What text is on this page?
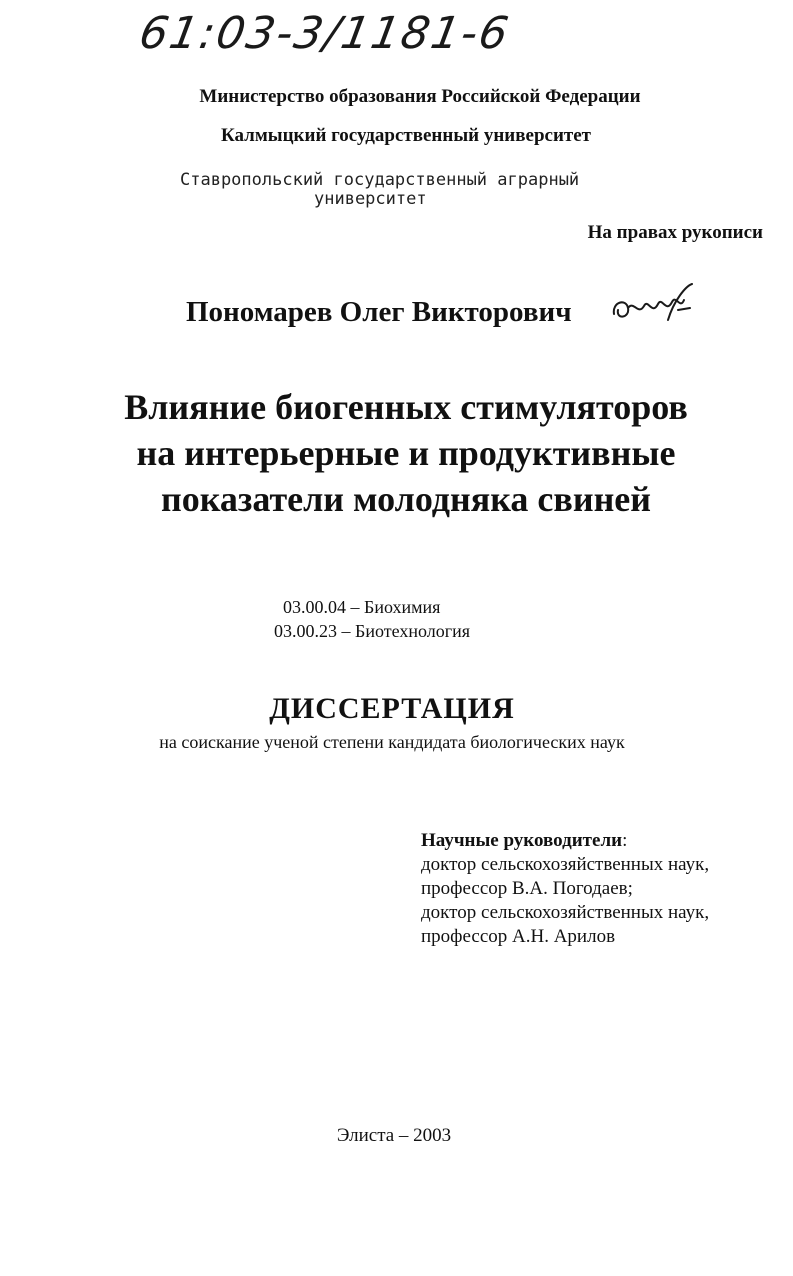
61:03-3/1181-6
Министерство образования Российской Федерации
Калмыцкий государственный университет
Ставропольский государственный аграрный
университет
На правах рукописи
Пономарев Олег Викторович
Влияние биогенных стимуляторов
на интерьерные и продуктивные
показатели молодняка свиней
03.00.04 – Биохимия
03.00.23 – Биотехнология
ДИССЕРТАЦИЯ
на соискание ученой степени кандидата биологических наук
Научные руководители:
доктор сельскохозяйственных наук,
профессор В.А. Погодаев;
доктор сельскохозяйственных наук,
профессор А.Н. Арилов
Элиста – 2003
